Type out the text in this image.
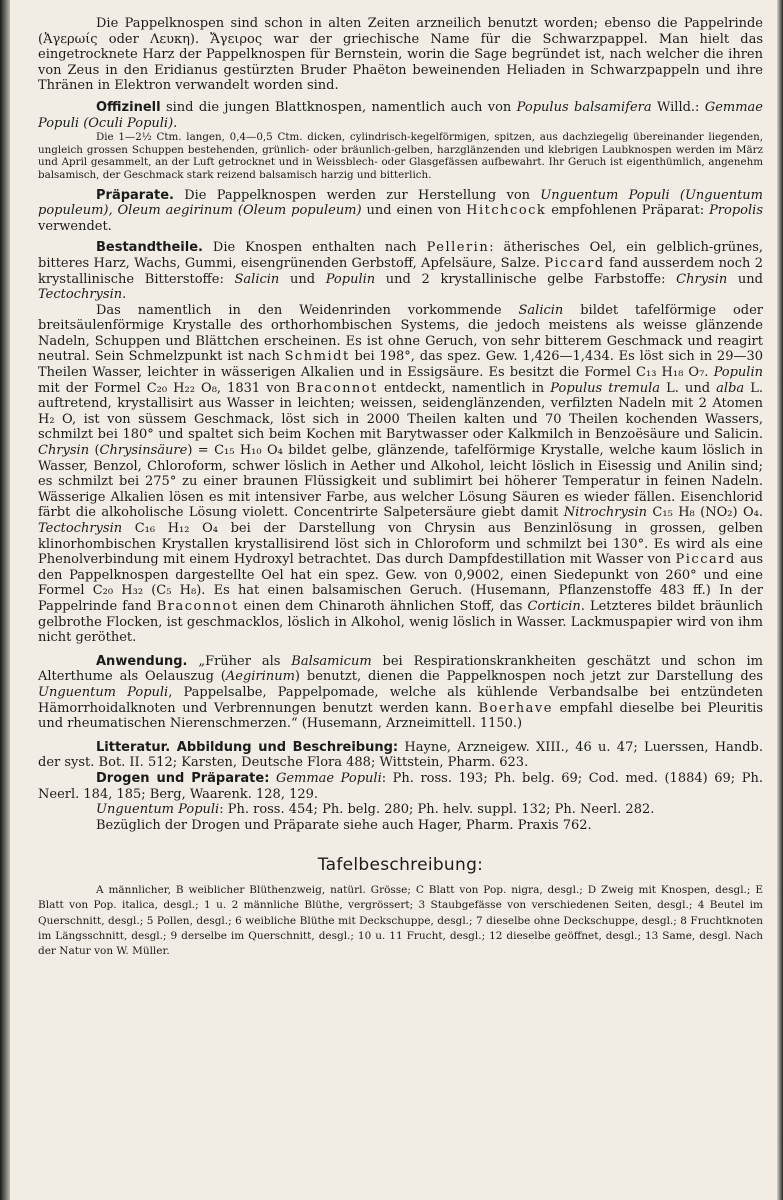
Die Pappelknospen sind schon in alten Zeiten arzneilich benutzt worden; ebenso die Pappelrinde (Ἀγερωίς oder Λευκη). Ἄγειρος war der griechische Name für die Schwarzpappel. Man hielt das eingetrocknete Harz der Pappelknospen für Bernstein, worin die Sage begründet ist, nach welcher die ihren von Zeus in den Eridianus gestürzten Bruder Phaëton beweinenden Heliaden in Schwarzpappeln und ihre Thränen in Elektron verwandelt worden sind.

Offizinell sind die jungen Blattknospen, namentlich auch von Populus balsamifera Willd.: Gemmae Populi (Oculi Populi).

Die 1—2½ Ctm. langen, 0,4—0,5 Ctm. dicken, cylindrisch-kegelförmigen, spitzen, aus dachziegelig übereinander liegenden, ungleich grossen Schuppen bestehenden, grünlich- oder bräunlich-gelben, harzglänzenden und klebrigen Laubknospen werden im März und April gesammelt, an der Luft getrocknet und in Weissblech- oder Glasgefässen aufbewahrt. Ihr Geruch ist eigenthümlich, angenehm balsamisch, der Geschmack stark reizend balsamisch harzig und bitterlich.

Präparate. Die Pappelknospen werden zur Herstellung von Unguentum Populi (Unguentum populeum), Oleum aegirinum (Oleum populeum) und einen von Hitchcock empfohlenen Präparat: Propolis verwendet.

Bestandtheile. Die Knospen enthalten nach Pellerin: ätherisches Oel, ein gelblich-grünes, bitteres Harz, Wachs, Gummi, eisengrünenden Gerbstoff, Apfelsäure, Salze. Piccard fand ausserdem noch 2 krystallinische Bitterstoffe: Salicin und Populin und 2 krystallinische gelbe Farbstoffe: Chrysin und Tectochrysin.

Das namentlich in den Weidenrinden vorkommende Salicin bildet tafelförmige oder breitsäulenförmige Krystalle des orthorhombischen Systems, die jedoch meistens als weisse glänzende Nadeln, Schuppen und Blättchen erscheinen. Es ist ohne Geruch, von sehr bitterem Geschmack und reagirt neutral. Sein Schmelzpunkt ist nach Schmidt bei 198°, das spez. Gew. 1,426—1,434. Es löst sich in 29—30 Theilen Wasser, leichter in wässerigen Alkalien und in Essigsäure. Es besitzt die Formel C₁₃ H₁₈ O₇. Populin mit der Formel C₂₀ H₂₂ O₈, 1831 von Braconnot entdeckt, namentlich in Populus tremula L. und alba L. auftretend, krystallisirt aus Wasser in leichten; weissen, seidenglänzenden, verfilzten Nadeln mit 2 Atomen H₂ O, ist von süssem Geschmack, löst sich in 2000 Theilen kalten und 70 Theilen kochenden Wassers, schmilzt bei 180° und spaltet sich beim Kochen mit Barytwasser oder Kalkmilch in Benzoësäure und Salicin. Chrysin (Chrysinsäure) = C₁₅ H₁₀ O₄ bildet gelbe, glänzende, tafelförmige Krystalle, welche kaum löslich in Wasser, Benzol, Chloroform, schwer löslich in Aether und Alkohol, leicht löslich in Eisessig und Anilin sind; es schmilzt bei 275° zu einer braunen Flüssigkeit und sublimirt bei höherer Temperatur in feinen Nadeln. Wässerige Alkalien lösen es mit intensiver Farbe, aus welcher Lösung Säuren es wieder fällen. Eisenchlorid färbt die alkoholische Lösung violett. Concentrirte Salpetersäure giebt damit Nitrochrysin C₁₅ H₈ (NO₂) O₄. Tectochrysin C₁₆ H₁₂ O₄ bei der Darstellung von Chrysin aus Benzinlösung in grossen, gelben klinorhombischen Krystallen krystallisirend löst sich in Chloroform und schmilzt bei 130°. Es wird als eine Phenolverbindung mit einem Hydroxyl betrachtet. Das durch Dampfdestillation mit Wasser von Piccard aus den Pappelknospen dargestellte Oel hat ein spez. Gew. von 0,9002, einen Siedepunkt von 260° und eine Formel C₂₀ H₃₂ (C₅ H₈). Es hat einen balsamischen Geruch. (Husemann, Pflanzenstoffe 483 ff.) In der Pappelrinde fand Braconnot einen dem Chinaroth ähnlichen Stoff, das Corticin. Letzteres bildet bräunlich gelbrothe Flocken, ist geschmacklos, löslich in Alkohol, wenig löslich in Wasser. Lackmuspapier wird von ihm nicht geröthet.

Anwendung. „Früher als Balsamicum bei Respirationskrankheiten geschätzt und schon im Alterthume als Oelauszug (Aegirinum) benutzt, dienen die Pappelknospen noch jetzt zur Darstellung des Unguentum Populi, Pappelsalbe, Pappelpomade, welche als kühlende Verbandsalbe bei entzündeten Hämorrhoidalknoten und Verbrennungen benutzt werden kann. Boerhave empfahl dieselbe bei Pleuritis und rheumatischen Nierenschmerzen.“ (Husemann, Arzneimittell. 1150.)

Litteratur. Abbildung und Beschreibung: Hayne, Arzneigew. XIII., 46 u. 47; Luerssen, Handb. der syst. Bot. II. 512; Karsten, Deutsche Flora 488; Wittstein, Pharm. 623.

Drogen und Präparate: Gemmae Populi: Ph. ross. 193; Ph. belg. 69; Cod. med. (1884) 69; Ph. Neerl. 184, 185; Berg, Waarenk. 128, 129.

Unguentum Populi: Ph. ross. 454; Ph. belg. 280; Ph. helv. suppl. 132; Ph. Neerl. 282.

Bezüglich der Drogen und Präparate siehe auch Hager, Pharm. Praxis 762.

Tafelbeschreibung:

A männlicher, B weiblicher Blüthenzweig, natürl. Grösse; C Blatt von Pop. nigra, desgl.; D Zweig mit Knospen, desgl.; E Blatt von Pop. italica, desgl.; 1 u. 2 männliche Blüthe, vergrössert; 3 Staubgefässe von verschiedenen Seiten, desgl.; 4 Beutel im Querschnitt, desgl.; 5 Pollen, desgl.; 6 weibliche Blüthe mit Deckschuppe, desgl.; 7 dieselbe ohne Deckschuppe, desgl.; 8 Fruchtknoten im Längsschnitt, desgl.; 9 derselbe im Querschnitt, desgl.; 10 u. 11 Frucht, desgl.; 12 dieselbe geöffnet, desgl.; 13 Same, desgl. Nach der Natur von W. Müller.
